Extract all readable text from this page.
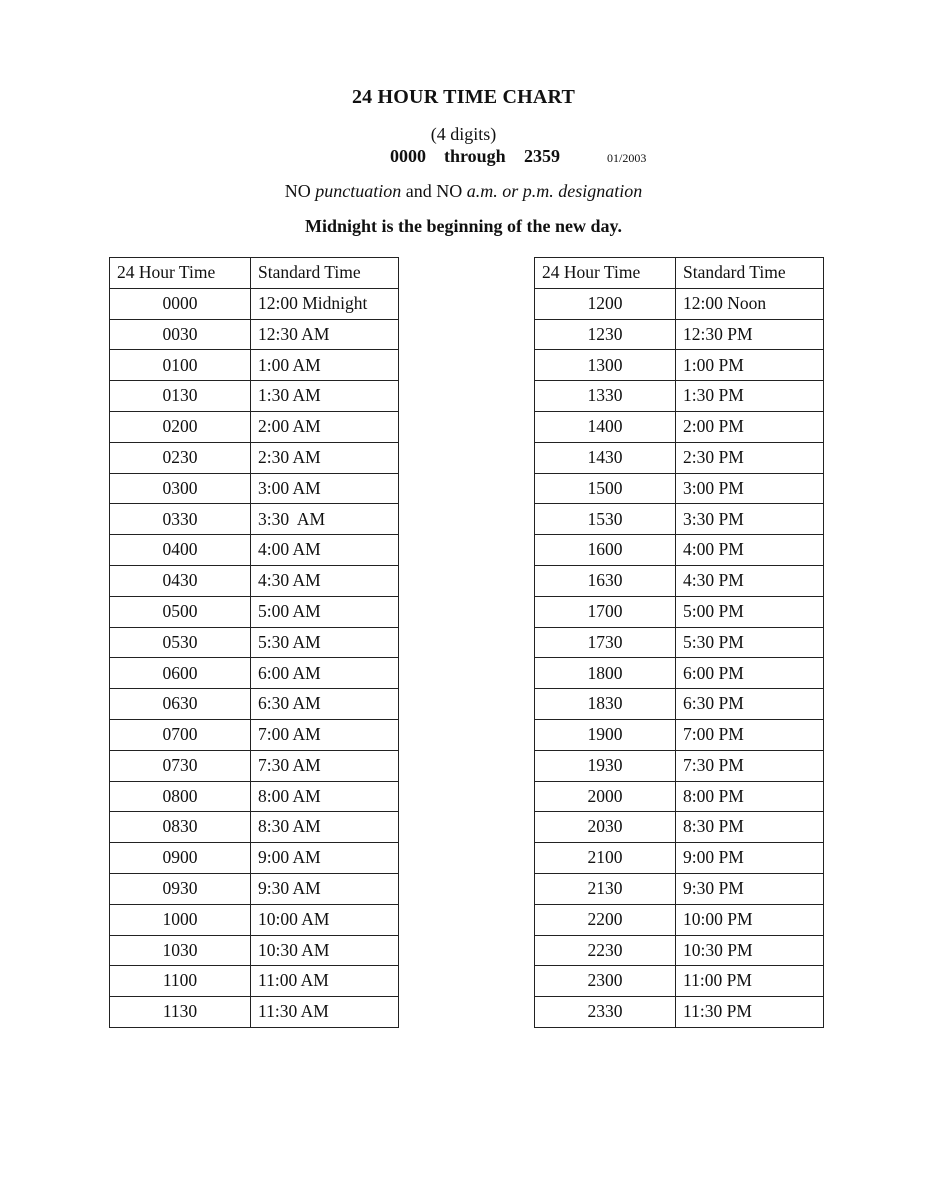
24 HOUR TIME CHART
(4 digits)
0000 through 2359	01/2003
NO punctuation and NO a.m. or p.m. designation
Midnight is the beginning of the new day.
24 Hour Time	Standard Time
0000	12:00 Midnight
0030	12:30 AM
0100	1:00 AM
0130	1:30 AM
0200	2:00 AM
0230	2:30 AM
0300	3:00 AM
0330	3:30  AM
0400	4:00 AM
0430	4:30 AM
0500	5:00 AM
0530	5:30 AM
0600	6:00 AM
0630	6:30 AM
0700	7:00 AM
0730	7:30 AM
0800	8:00 AM
0830	8:30 AM
0900	9:00 AM
0930	9:30 AM
1000	10:00 AM
1030	10:30 AM
1100	11:00 AM
1130	11:30 AM
24 Hour Time	Standard Time
1200	12:00 Noon
1230	12:30 PM
1300	1:00 PM
1330	1:30 PM
1400	2:00 PM
1430	2:30 PM
1500	3:00 PM
1530	3:30 PM
1600	4:00 PM
1630	4:30 PM
1700	5:00 PM
1730	5:30 PM
1800	6:00 PM
1830	6:30 PM
1900	7:00 PM
1930	7:30 PM
2000	8:00 PM
2030	8:30 PM
2100	9:00 PM
2130	9:30 PM
2200	10:00 PM
2230	10:30 PM
2300	11:00 PM
2330	11:30 PM
